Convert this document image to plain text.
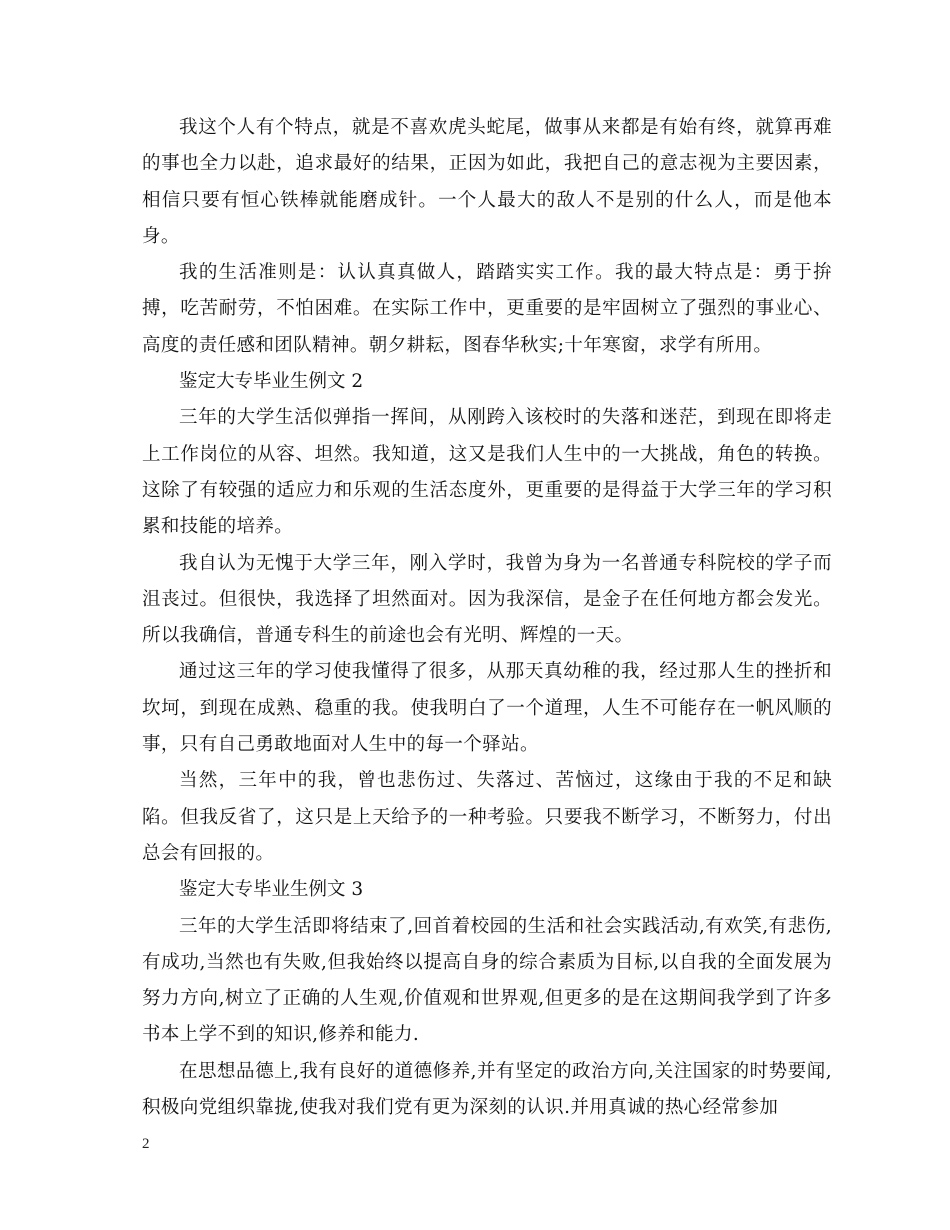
我这个人有个特点，就是不喜欢虎头蛇尾，做事从来都是有始有终，就算再难的事也全力以赴，追求最好的结果，正因为如此，我把自己的意志视为主要因素，相信只要有恒心铁棒就能磨成针。一个人最大的敌人不是别的什么人，而是他本身。

我的生活准则是：认认真真做人，踏踏实实工作。我的最大特点是：勇于拚搏，吃苦耐劳，不怕困难。在实际工作中，更重要的是牢固树立了强烈的事业心、高度的责任感和团队精神。朝夕耕耘，图春华秋实;十年寒窗，求学有所用。

鉴定大专毕业生例文 2

三年的大学生活似弹指一挥间，从刚跨入该校时的失落和迷茫，到现在即将走上工作岗位的从容、坦然。我知道，这又是我们人生中的一大挑战，角色的转换。这除了有较强的适应力和乐观的生活态度外，更重要的是得益于大学三年的学习积累和技能的培养。

我自认为无愧于大学三年，刚入学时，我曾为身为一名普通专科院校的学子而沮丧过。但很快，我选择了坦然面对。因为我深信，是金子在任何地方都会发光。所以我确信，普通专科生的前途也会有光明、辉煌的一天。

通过这三年的学习使我懂得了很多，从那天真幼稚的我，经过那人生的挫折和坎坷，到现在成熟、稳重的我。使我明白了一个道理，人生不可能存在一帆风顺的事，只有自己勇敢地面对人生中的每一个驿站。

当然，三年中的我，曾也悲伤过、失落过、苦恼过，这缘由于我的不足和缺陷。但我反省了，这只是上天给予的一种考验。只要我不断学习，不断努力，付出总会有回报的。

鉴定大专毕业生例文 3

三年的大学生活即将结束了,回首着校园的生活和社会实践活动,有欢笑,有悲伤,有成功,当然也有失败,但我始终以提高自身的综合素质为目标,以自我的全面发展为努力方向,树立了正确的人生观,价值观和世界观,但更多的是在这期间我学到了许多书本上学不到的知识,修养和能力.

在思想品德上,我有良好的道德修养,并有坚定的政治方向,关注国家的时势要闻,积极向党组织靠拢,使我对我们党有更为深刻的认识.并用真诚的热心经常参加

2
